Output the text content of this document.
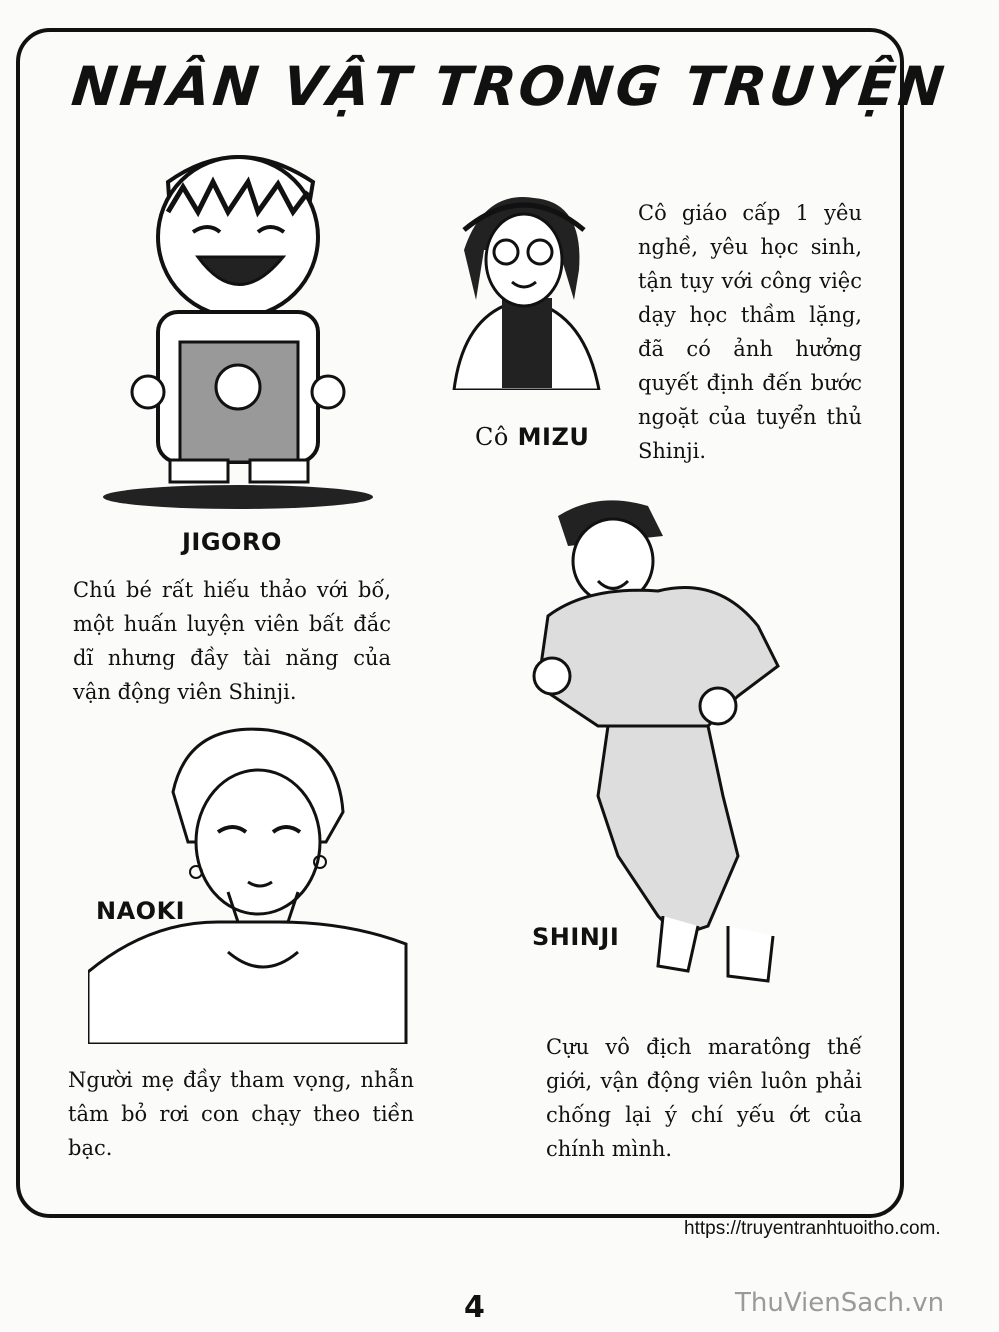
NHÂN VẬT TRONG TRUYỆN
JIGORO
Chú bé rất hiếu thảo với bố, một huấn luyện viên bất đắc dĩ nhưng đầy tài năng của vận động viên Shinji.
Cô MIZU
Cô giáo cấp 1 yêu nghề, yêu học sinh, tận tụy với công việc dạy học thầm lặng, đã có ảnh hưởng quyết định đến bước ngoặt của tuyển thủ Shinji.
NAOKI
Người mẹ đầy tham vọng, nhẫn tâm bỏ rơi con chạy theo tiền bạc.
SHINJI
Cựu vô địch maratông thế giới, vận động viên luôn phải chống lại ý chí yếu ớt của chính mình.
https://truyentranhtuoitho.com.
4	ThuVienSach.vn
